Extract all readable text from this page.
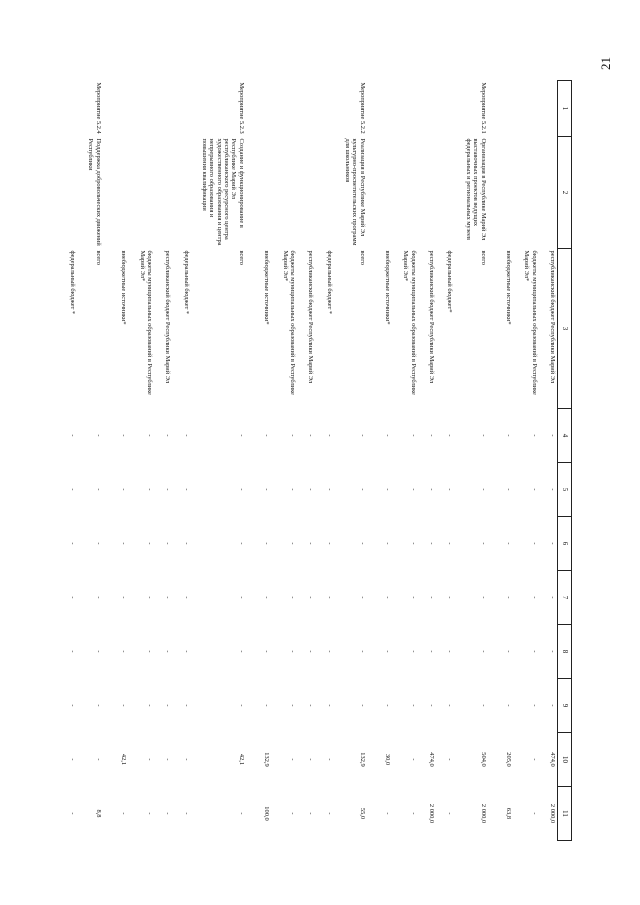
21
1	2	3	4	5	6	7	8	9	10	11
		республиканский бюджет Республики Марий Эл	-	-	-	-	-	-	474,0	2 000,0
		бюджеты муниципальных образований в Республике Марий Эл*	-	-	-	-	-	-	-	-
		внебюджетные источники*	-	-	-	-	-	-	205,0	63,8
Мероприятие 5.2.1	Организация в Республике Марий Эл выставочных проектов ведущих федеральных и региональных музеев	всего	-	-	-	-	-	-	504,0	2 000,0
		федеральный бюджет*	-	-	-	-	-	-	-	-
		республиканский бюджет Республики Марий Эл	-	-	-	-	-	-	474,0	2 000,0
		бюджеты муниципальных образований в Республике Марий Эл*	-	-	-	-	-	-	-	-
		внебюджетные источники*	-	-	-	-	-	-	30,0	-
Мероприятие 5.2.2	Реализация в Республике Марий Эл культурно-просветительских программ для школьников	всего	-	-	-	-	-	-	132,9	55,0
		федеральный бюджет *	-	-	-	-	-	-	-	-
		республиканский бюджет Республики Марий Эл	-	-	-	-	-	-	-	-
		бюджеты муниципальных образований в Республике Марий Эл*	-	-	-	-	-	-	-	-
		внебюджетные источники*	-	-	-	-	-	-	132,9	100,0
Мероприятие 5.2.3	Создание и функционирование в Республике Марий Эл республиканского ресурсного центра художественного образования и центра непрерывного образования и повышения квалификации	всего	-	-	-	-	-	-	42,1	-
		федеральный бюджет *	-	-	-	-	-	-	-	-
		республиканский бюджет Республики Марий Эл	-	-	-	-	-	-	-	-
		бюджеты муниципальных образований в Республике Марий Эл*	-	-	-	-	-	-	-	-
		внебюджетные источники*	-	-	-	-	-	-	42,1	-
Мероприятие 5.2.4	Поддержка добровольческих движений Республики	всего	-	-	-	-	-	-	-	8,8
		федеральный бюджет *	-	-	-	-	-	-	-	-
